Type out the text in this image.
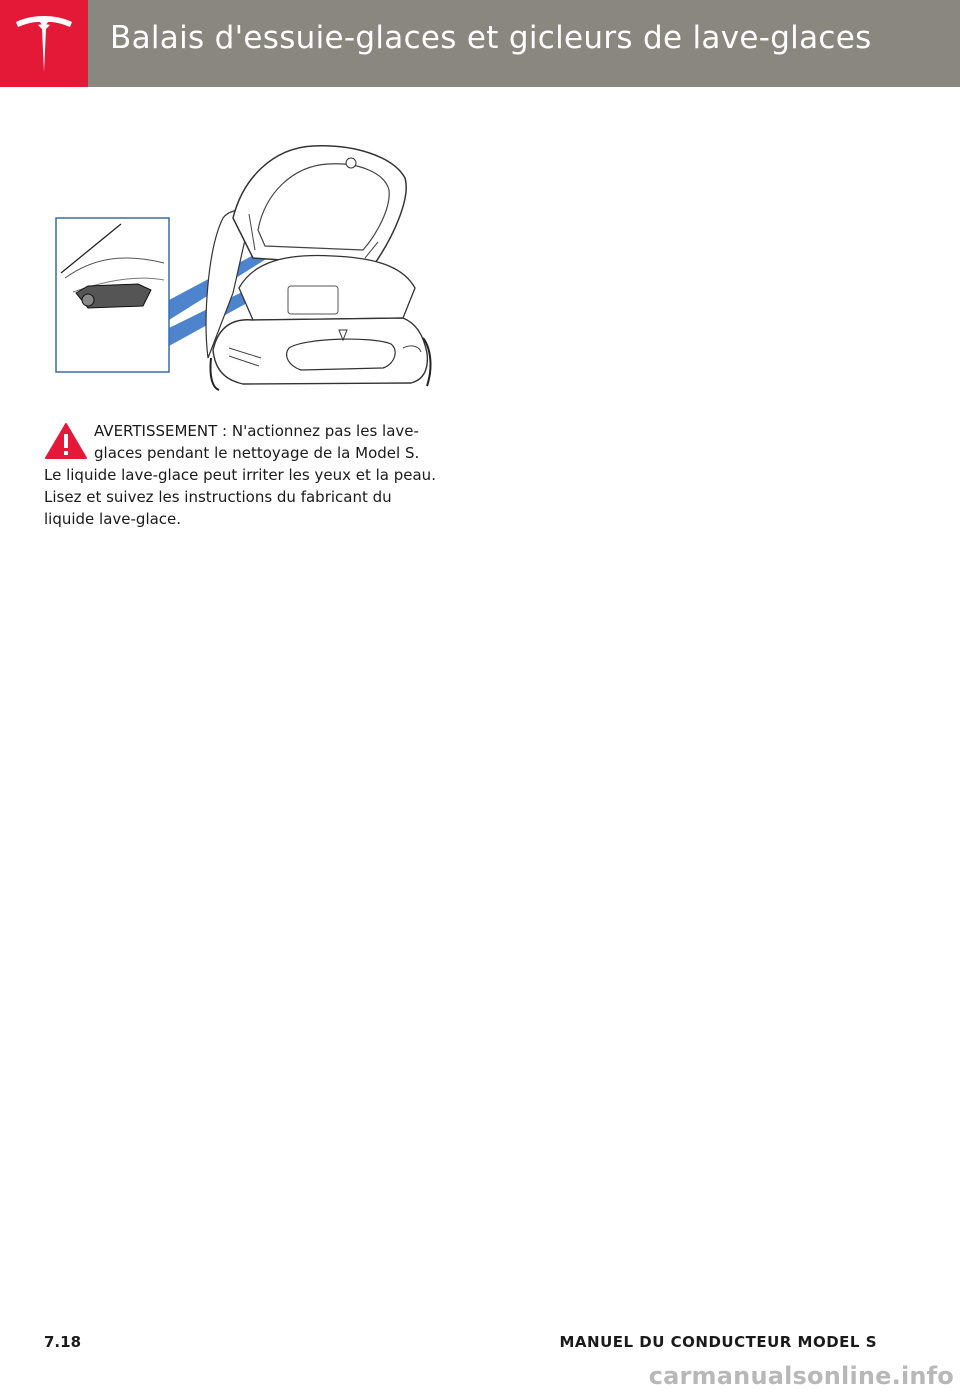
Balais d'essuie-glaces et gicleurs de lave-glaces
AVERTISSEMENT : N'actionnez pas les lave-glaces pendant le nettoyage de la Model S. Le liquide lave-glace peut irriter les yeux et la peau. Lisez et suivez les instructions du fabricant du liquide lave-glace.
7.18	MANUEL DU CONDUCTEUR MODEL S
carmanualsonline.info
